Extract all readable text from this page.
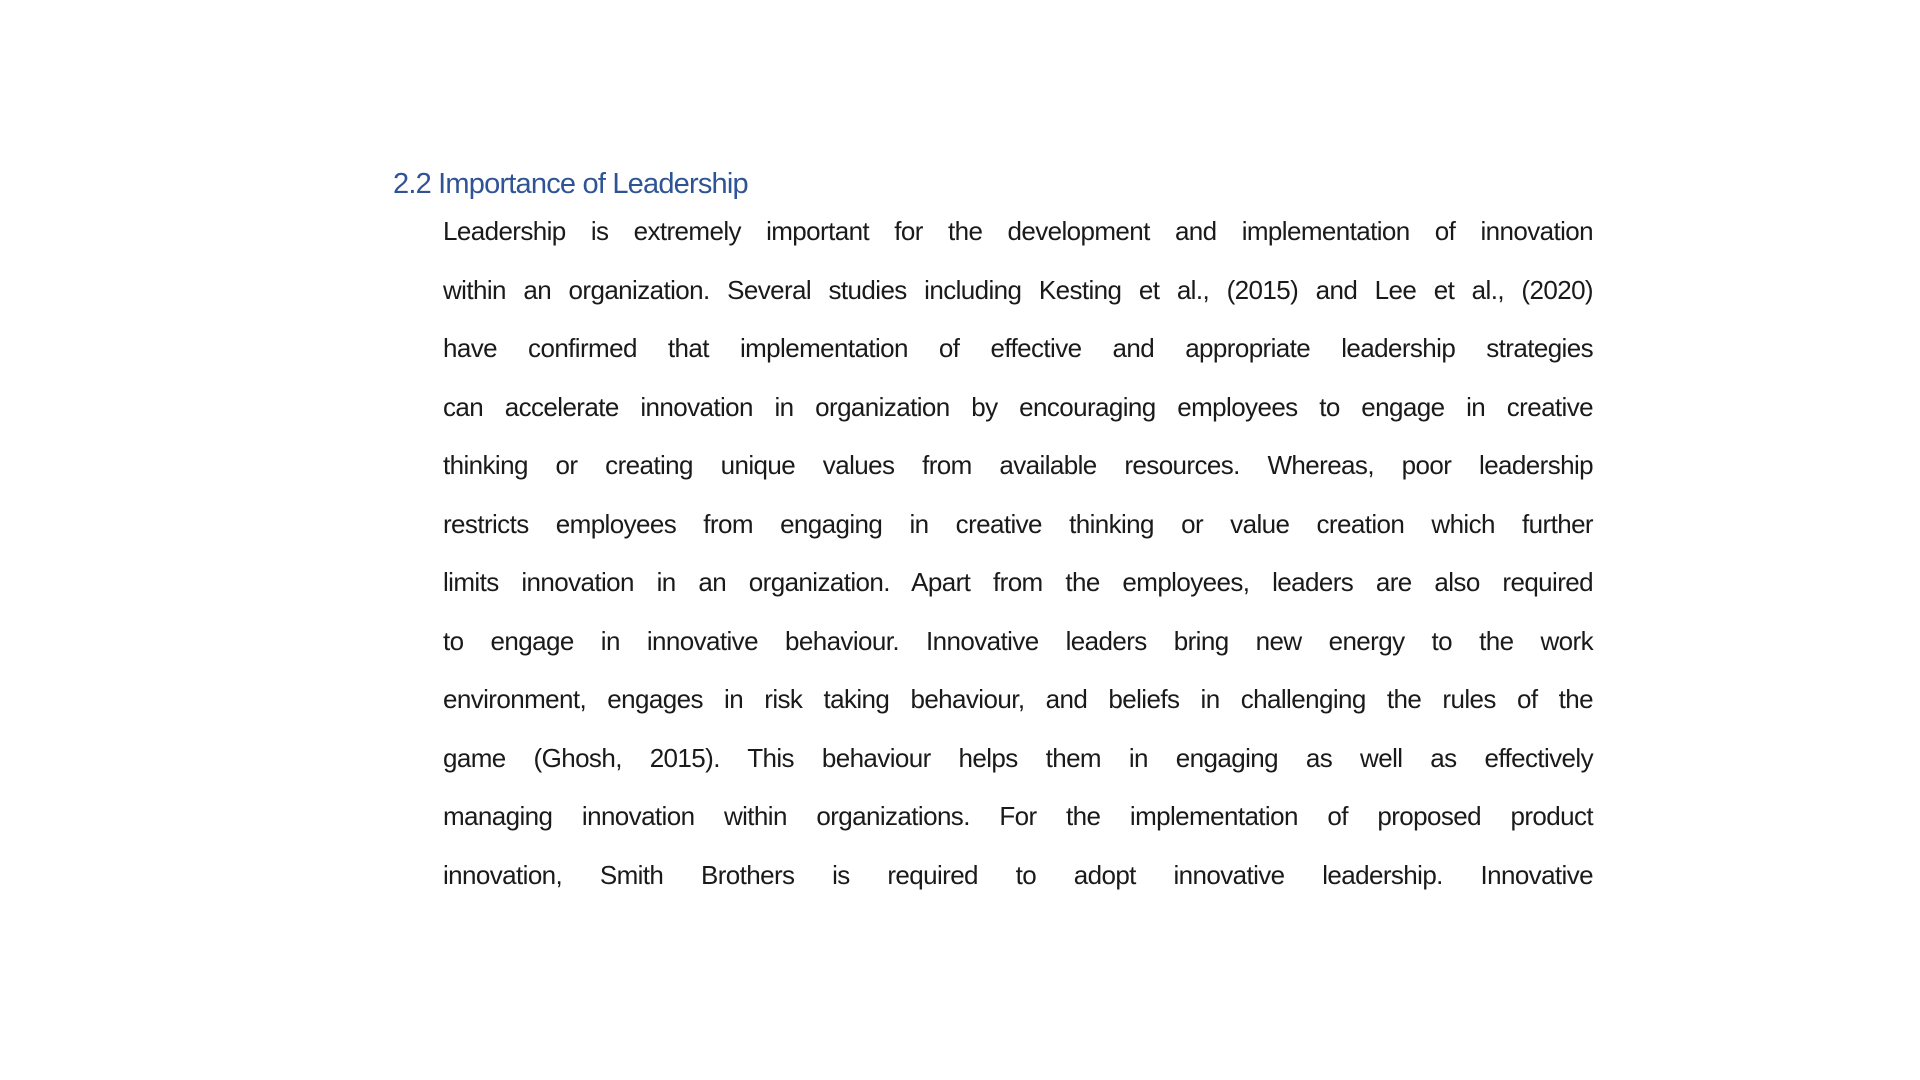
2.2 Importance of Leadership
Leadership is extremely important for the development and implementation of innovation
within an organization. Several studies including Kesting et al., (2015) and Lee et al., (2020)
have confirmed that implementation of effective and appropriate leadership strategies
can accelerate innovation in organization by encouraging employees to engage in creative
thinking or creating unique values from available resources. Whereas, poor leadership
restricts employees from engaging in creative thinking or value creation which further
limits innovation in an organization. Apart from the employees, leaders are also required
to engage in innovative behaviour. Innovative leaders bring new energy to the work
environment, engages in risk taking behaviour, and beliefs in challenging the rules of the
game (Ghosh, 2015). This behaviour helps them in engaging as well as effectively
managing innovation within organizations. For the implementation of proposed product
innovation, Smith Brothers is required to adopt innovative leadership. Innovative
